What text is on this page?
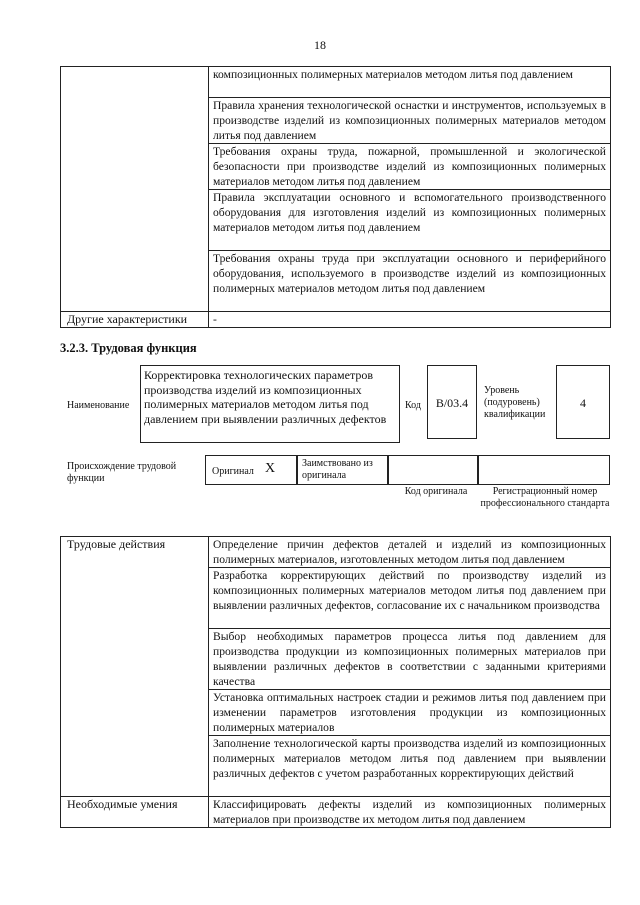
18
	композиционных полимерных материалов методом литья под давлением
	Правила хранения технологической оснастки и инструментов, используемых в производстве изделий из композиционных полимерных материалов методом литья под давлением
	Требования охраны труда, пожарной, промышленной и экологической безопасности при производстве изделий из композиционных полимерных материалов методом литья под давлением
	Правила эксплуатации основного и вспомогательного производственного оборудования для изготовления изделий из композиционных полимерных материалов методом литья под давлением
	Требования охраны труда при эксплуатации основного и периферийного оборудования, используемого в производстве изделий из композиционных полимерных материалов методом литья под давлением
Другие характеристики	-
3.2.3. Трудовая функция
Наименование
Корректировка технологических параметров производства изделий из композиционных полимерных материалов методом литья под давлением при выявлении различных дефектов
Код	B/03.4
Уровень (подуровень) квалификации
4
Происхождение трудовой функции
Оригинал X	Заимствовано из оригинала
Код оригинала	Регистрационный номер профессионального стандарта
Трудовые действия	Определение причин дефектов деталей и изделий из композиционных полимерных материалов, изготовленных методом литья под давлением
	Разработка корректирующих действий по производству изделий из композиционных полимерных материалов методом литья под давлением при выявлении различных дефектов, согласование их с начальником производства
	Выбор необходимых параметров процесса литья под давлением для производства продукции из композиционных полимерных материалов при выявлении различных дефектов в соответствии с заданными критериями качества
	Установка оптимальных настроек стадии и режимов литья под давлением при изменении параметров изготовления продукции из композиционных полимерных материалов
	Заполнение технологической карты производства изделий из композиционных полимерных материалов методом литья под давлением при выявлении различных дефектов с учетом разработанных корректирующих действий
Необходимые умения	Классифицировать дефекты изделий из композиционных полимерных материалов при производстве их методом литья под давлением
